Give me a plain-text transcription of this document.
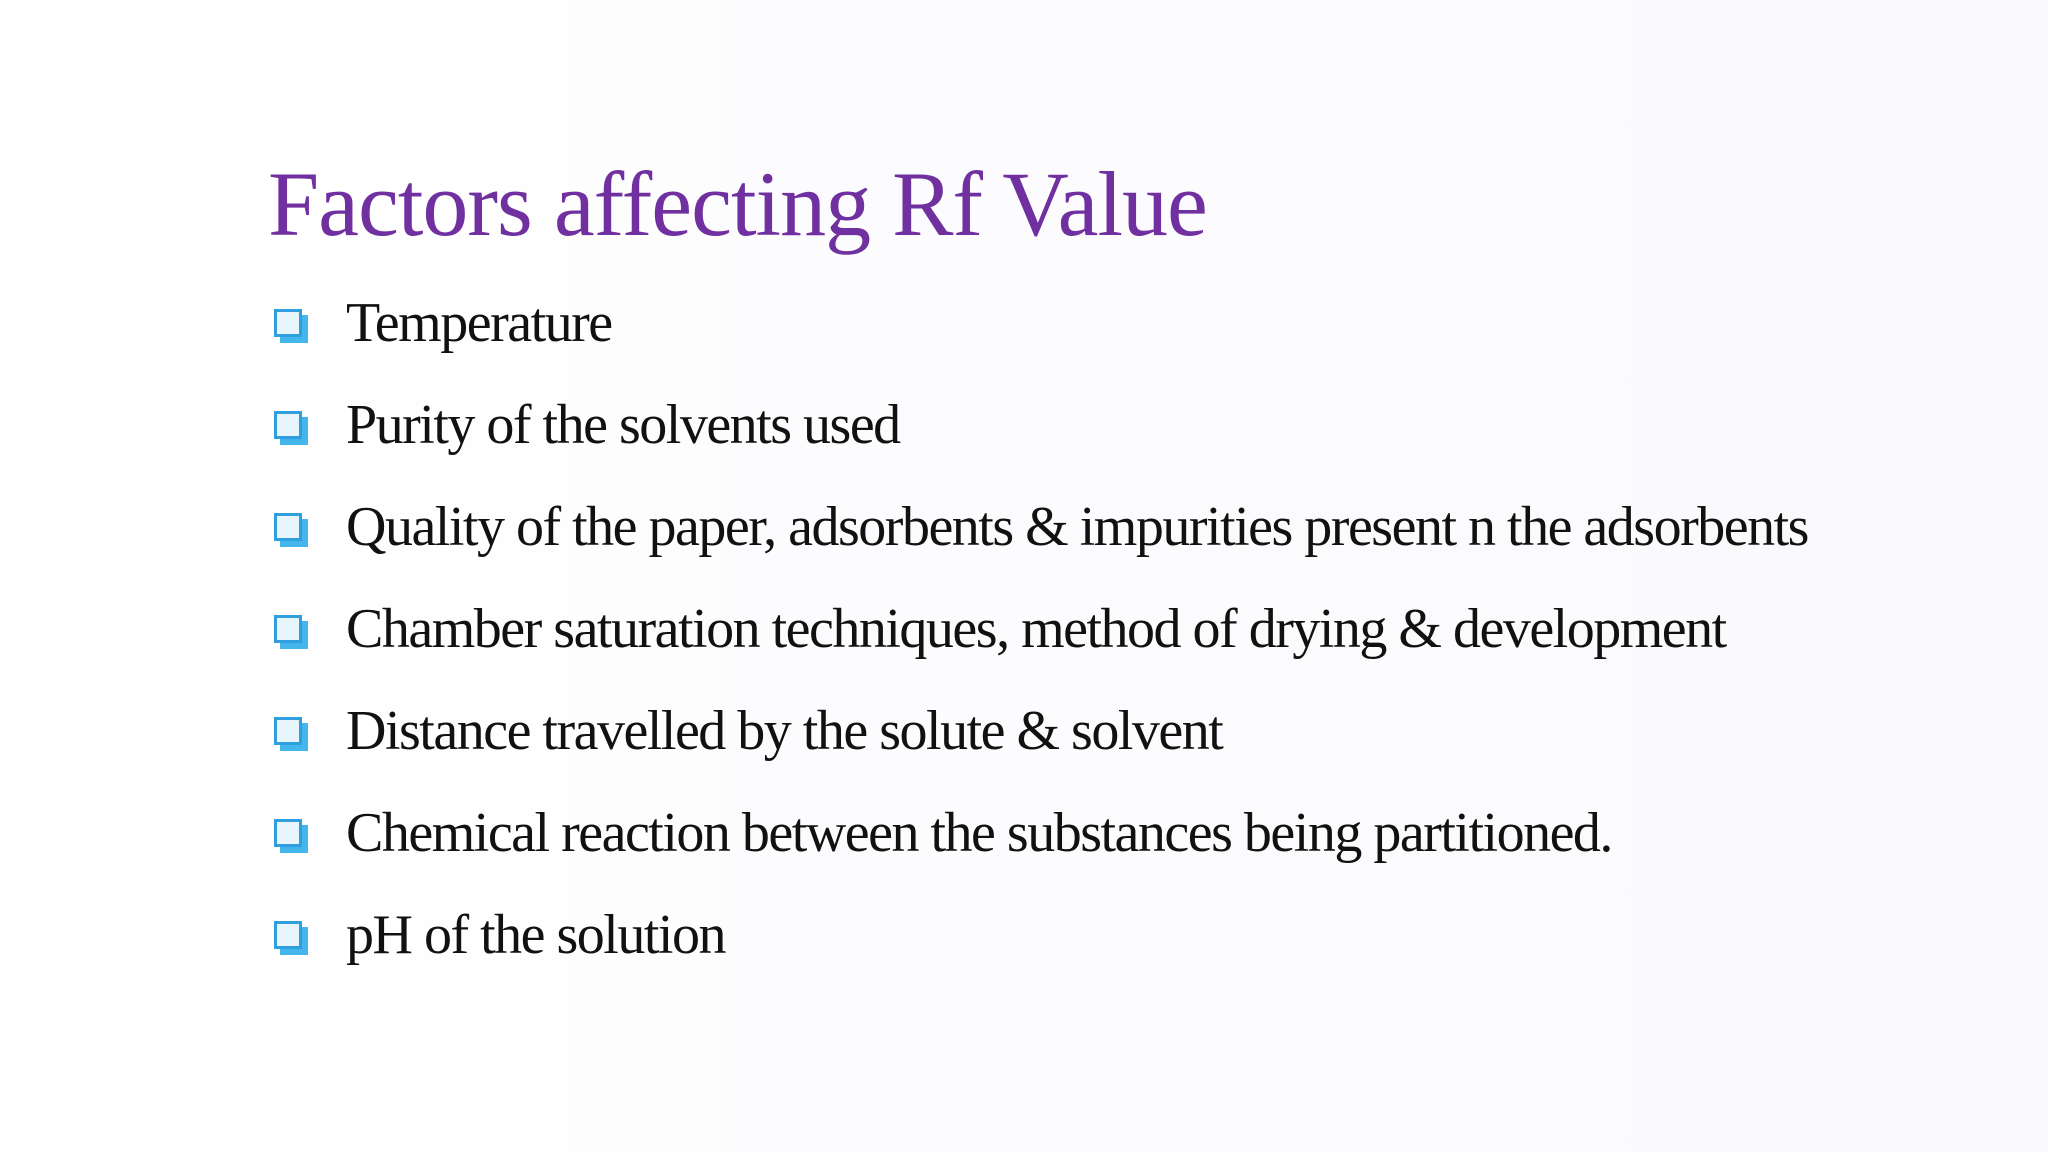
Factors affecting Rf Value
Temperature
Purity of the solvents used
Quality of the paper, adsorbents & impurities present n the adsorbents
Chamber saturation techniques, method of drying & development
Distance travelled by the solute & solvent
Chemical reaction between the substances being partitioned.
pH of the solution
